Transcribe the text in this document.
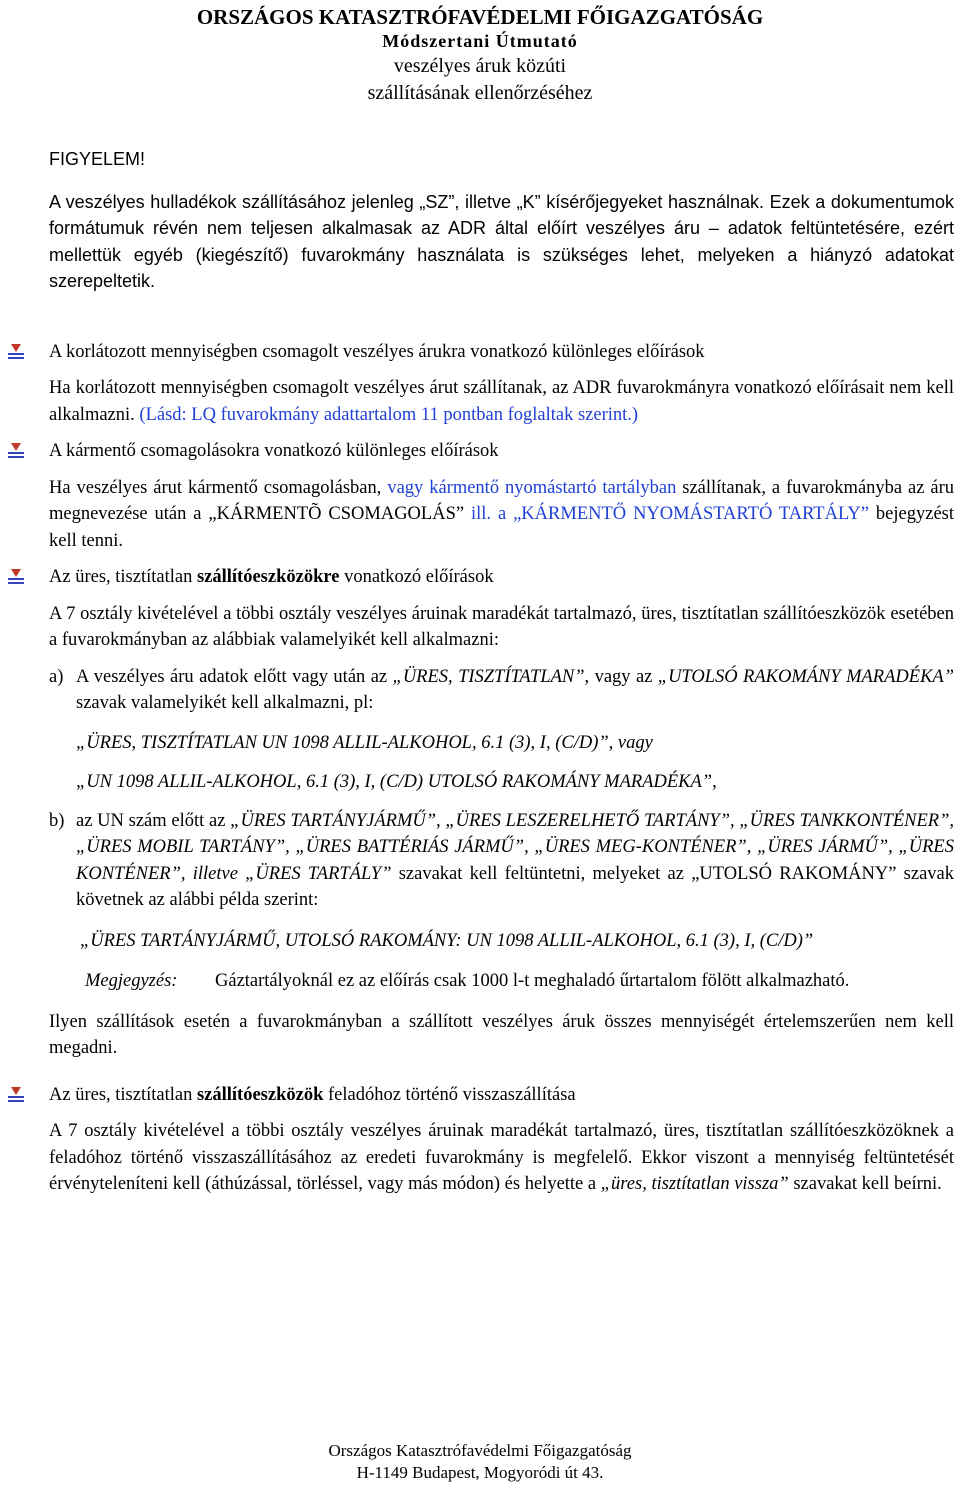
ORSZÁGOS KATASZTRÓFAVÉDELMI FŐIGAZGATÓSÁG
Módszertani Útmutató
veszélyes áruk közúti
szállításának ellenőrzéséhez

FIGYELEM!

A veszélyes hulladékok szállításához jelenleg „SZ”, illetve „K” kísérőjegyeket használnak. Ezek a dokumentumok formátumuk révén nem teljesen alkalmasak az ADR által előírt veszélyes áru – adatok feltüntetésére, ezért mellettük egyéb (kiegészítő) fuvarokmány használata is szükséges lehet, melyeken a hiányzó adatokat szerepeltetik.

A korlátozott mennyiségben csomagolt veszélyes árukra vonatkozó különleges előírások

Ha korlátozott mennyiségben csomagolt veszélyes árut szállítanak, az ADR fuvarokmányra vonatkozó előírásait nem kell alkalmazni. (Lásd: LQ fuvarokmány adattartalom 11 pontban foglaltak szerint.)

A kármentő csomagolásokra vonatkozó különleges előírások

Ha veszélyes árut kármentő csomagolásban, vagy kármentő nyomástartó tartályban szállítanak, a fuvarokmányba az áru megnevezése után a „KÁRMENTÕ CSOMAGOLÁS” ill. a „KÁRMENTŐ NYOMÁSTARTÓ TARTÁLY” bejegyzést kell tenni.

Az üres, tisztítatlan szállítóeszközökre vonatkozó előírások

A 7 osztály kivételével a többi osztály veszélyes áruinak maradékát tartalmazó, üres, tisztítatlan szállítóeszközök esetében a fuvarokmányban az alábbiak valamelyikét kell alkalmazni:

a) A veszélyes áru adatok előtt vagy után az „ÜRES, TISZTÍTATLAN”, vagy az „UTOLSÓ RAKOMÁNY MARADÉKA” szavak valamelyikét kell alkalmazni, pl:

„ÜRES, TISZTÍTATLAN UN 1098 ALLIL-ALKOHOL, 6.1 (3), I, (C/D)”, vagy

„UN 1098 ALLIL-ALKOHOL, 6.1 (3), I, (C/D) UTOLSÓ RAKOMÁNY MARADÉKA”,

b) az UN szám előtt az „ÜRES TARTÁNYJÁRMŰ”, „ÜRES LESZERELHETŐ TARTÁNY”, „ÜRES TANKKONTÉNER”, „ÜRES MOBIL TARTÁNY”, „ÜRES BATTÉRIÁS JÁRMŰ”, „ÜRES MEG-KONTÉNER”, „ÜRES JÁRMŰ”, „ÜRES KONTÉNER”, illetve „ÜRES TARTÁLY” szavakat kell feltüntetni, melyeket az „UTOLSÓ RAKOMÁNY” szavak követnek az alábbi példa szerint:

„ÜRES TARTÁNYJÁRMŰ, UTOLSÓ RAKOMÁNY: UN 1098 ALLIL-ALKOHOL, 6.1 (3), I, (C/D)”

Megjegyzés:	Gáztartályoknál ez az előírás csak 1000 l-t meghaladó űrtartalom fölött alkalmazható.

Ilyen szállítások esetén a fuvarokmányban a szállított veszélyes áruk összes mennyiségét értelemszerűen nem kell megadni.

Az üres, tisztítatlan szállítóeszközök feladóhoz történő visszaszállítása

A 7 osztály kivételével a többi osztály veszélyes áruinak maradékát tartalmazó, üres, tisztítatlan szállítóeszközöknek a feladóhoz történő visszaszállításához az eredeti fuvarokmány is megfelelő. Ekkor viszont a mennyiség feltüntetését érvényteleníteni kell (áthúzással, törléssel, vagy más módon) és helyette a „üres, tisztítatlan vissza” szavakat kell beírni.

Országos Katasztrófavédelmi Főigazgatóság
H-1149 Budapest, Mogyoródi út 43.
